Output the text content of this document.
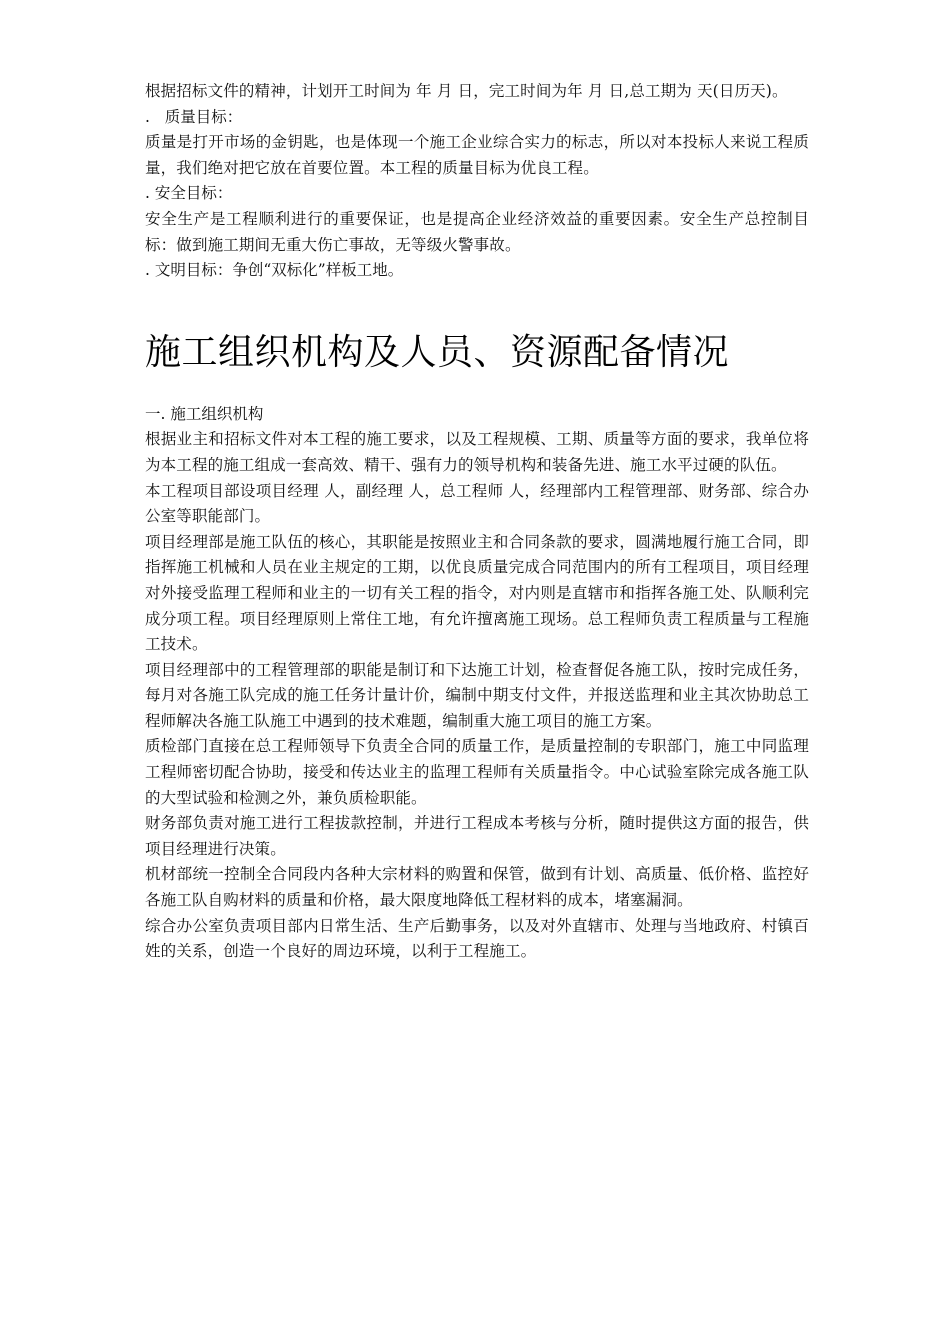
根据招标文件的精神，计划开工时间为 年 月 日，完工时间为年 月 日,总工期为 天(日历天)。

.   质量目标：

质量是打开市场的金钥匙，也是体现一个施工企业综合实力的标志，所以对本投标人来说工程质量，我们绝对把它放在首要位置。本工程的质量目标为优良工程。

. 安全目标：

安全生产是工程顺利进行的重要保证，也是提高企业经济效益的重要因素。安全生产总控制目标：做到施工期间无重大伤亡事故，无等级火警事故。

. 文明目标：争创“双标化”样板工地。

施工组织机构及人员、资源配备情况

一. 施工组织机构

根据业主和招标文件对本工程的施工要求，以及工程规模、工期、质量等方面的要求，我单位将为本工程的施工组成一套高效、精干、强有力的领导机构和装备先进、施工水平过硬的队伍。

本工程项目部设项目经理 人，副经理 人，总工程师 人，经理部内工程管理部、财务部、综合办公室等职能部门。

项目经理部是施工队伍的核心，其职能是按照业主和合同条款的要求，圆满地履行施工合同，即指挥施工机械和人员在业主规定的工期，以优良质量完成合同范围内的所有工程项目，项目经理对外接受监理工程师和业主的一切有关工程的指令，对内则是直辖市和指挥各施工处、队顺利完成分项工程。项目经理原则上常住工地，有允许擅离施工现场。总工程师负责工程质量与工程施工技术。

项目经理部中的工程管理部的职能是制订和下达施工计划，检查督促各施工队，按时完成任务，每月对各施工队完成的施工任务计量计价，编制中期支付文件，并报送监理和业主其次协助总工程师解决各施工队施工中遇到的技术难题，编制重大施工项目的施工方案。

质检部门直接在总工程师领导下负责全合同的质量工作，是质量控制的专职部门，施工中同监理工程师密切配合协助，接受和传达业主的监理工程师有关质量指令。中心试验室除完成各施工队的大型试验和检测之外，兼负质检职能。

财务部负责对施工进行工程拔款控制，并进行工程成本考核与分析，随时提供这方面的报告，供项目经理进行决策。

机材部统一控制全合同段内各种大宗材料的购置和保管，做到有计划、高质量、低价格、监控好各施工队自购材料的质量和价格，最大限度地降低工程材料的成本，堵塞漏洞。

综合办公室负责项目部内日常生活、生产后勤事务，以及对外直辖市、处理与当地政府、村镇百姓的关系，创造一个良好的周边环境，以利于工程施工。
